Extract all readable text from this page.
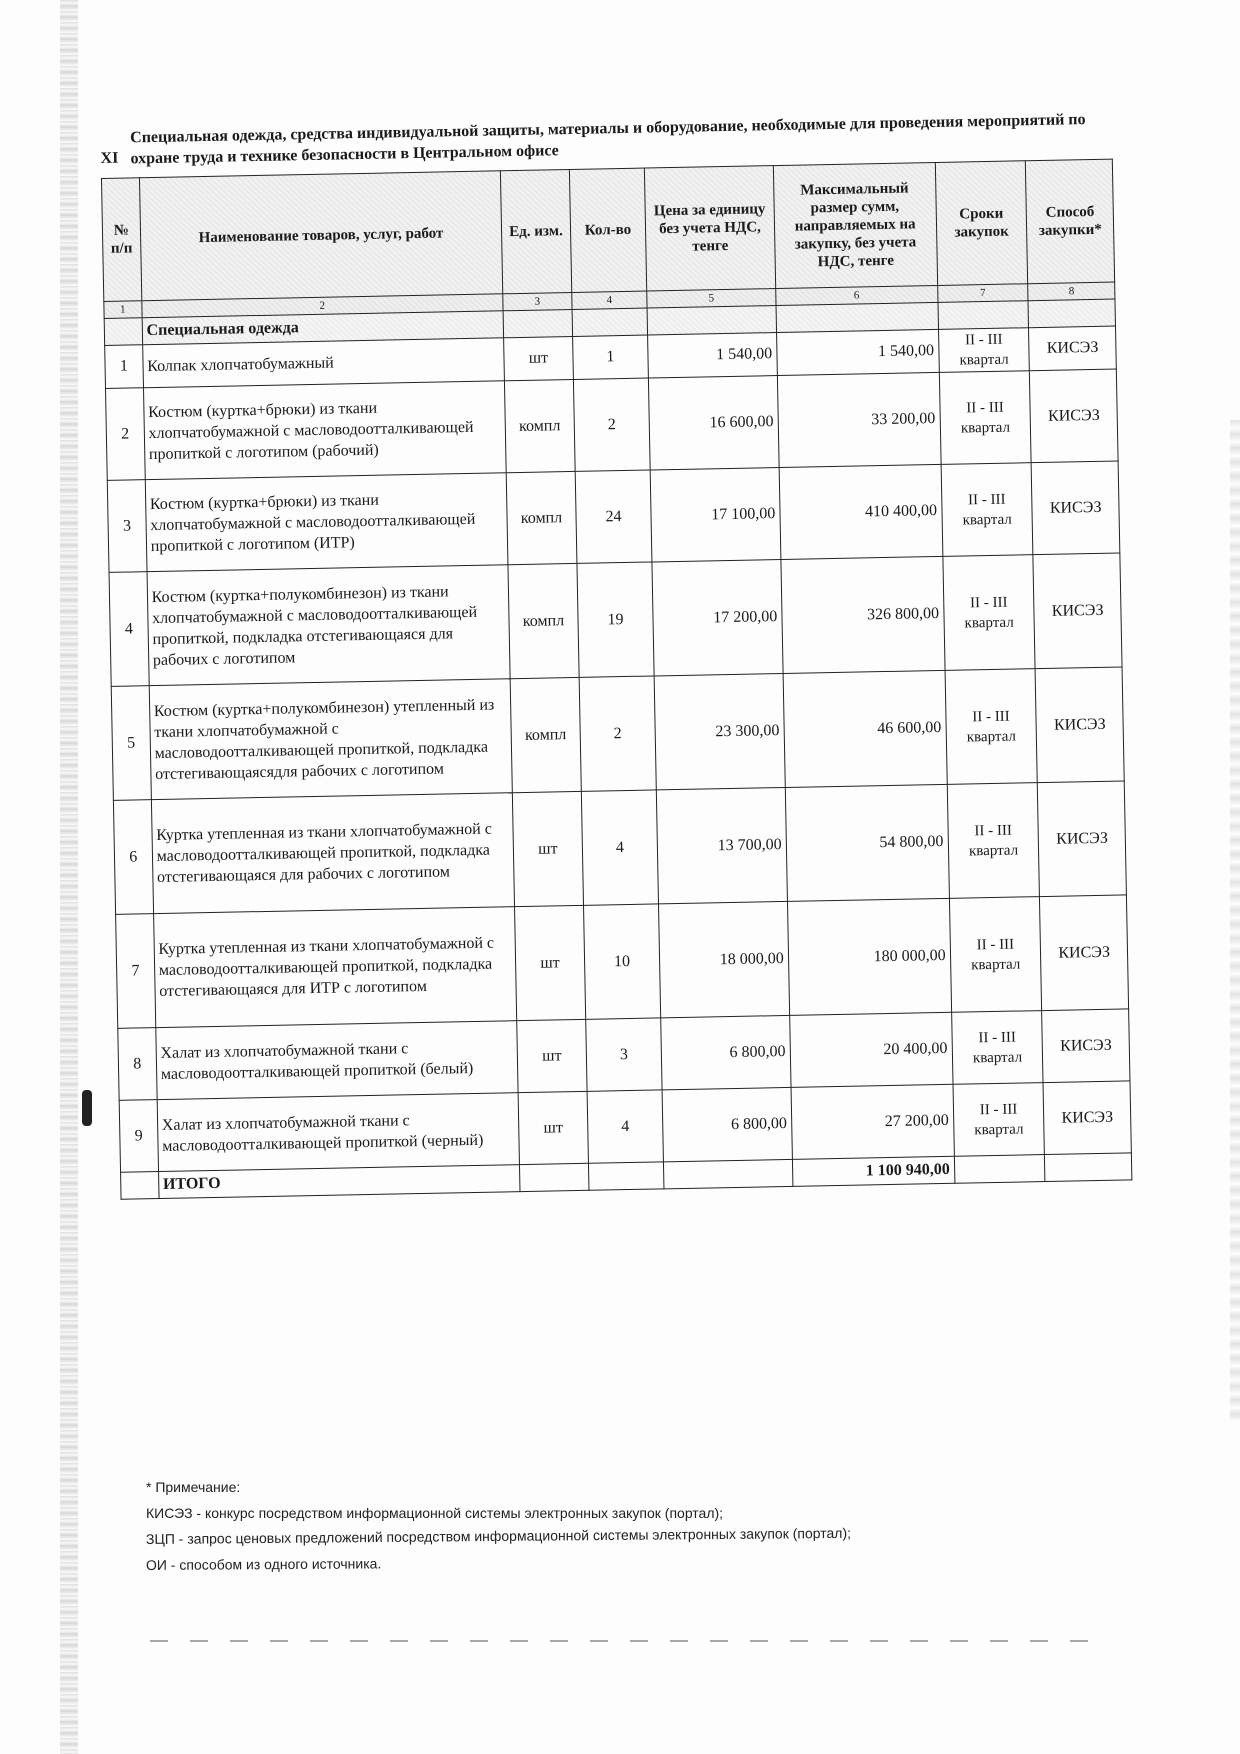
XI
Специальная одежда, средства индивидуальной защиты, материалы и оборудование, необходимые для проведения мероприятий по охране труда и технике безопасности в Центральном офисе
№ п/п	Наименование товаров, услуг, работ	Ед. изм.	Кол-во	Цена за единицу без учета НДС, тенге	Максимальный размер сумм, направляемых на закупку, без учета НДС, тенге	Сроки закупок	Способ закупки*
1	2	3	4	5	6	7	8
	Специальная одежда						
1	Колпак хлопчатобумажный	шт	1	1 540,00	1 540,00	II - III квартал	КИСЭЗ
2	Костюм (куртка+брюки) из ткани хлопчатобумажной с масловодоотталкивающей пропиткой с логотипом (рабочий)	компл	2	16 600,00	33 200,00	II - III квартал	КИСЭЗ
3	Костюм (куртка+брюки) из ткани хлопчатобумажной с масловодоотталкивающей пропиткой с логотипом (ИТР)	компл	24	17 100,00	410 400,00	II - III квартал	КИСЭЗ
4	Костюм (куртка+полукомбинезон) из ткани хлопчатобумажной с масловодоотталкивающей пропиткой, подкладка отстегивающаяся для рабочих с логотипом	компл	19	17 200,00	326 800,00	II - III квартал	КИСЭЗ
5	Костюм (куртка+полукомбинезон) утепленный из ткани хлопчатобумажной с масловодоотталкивающей пропиткой, подкладка отстегивающаясядля рабочих с логотипом	компл	2	23 300,00	46 600,00	II - III квартал	КИСЭЗ
6	Куртка утепленная из ткани хлопчатобумажной с масловодоотталкивающей пропиткой, подкладка отстегивающаяся для рабочих с логотипом	шт	4	13 700,00	54 800,00	II - III квартал	КИСЭЗ
7	Куртка утепленная из ткани хлопчатобумажной с масловодоотталкивающей пропиткой, подкладка отстегивающаяся для ИТР с логотипом	шт	10	18 000,00	180 000,00	II - III квартал	КИСЭЗ
8	Халат из хлопчатобумажной ткани с масловодоотталкивающей пропиткой (белый)	шт	3	6 800,00	20 400,00	II - III квартал	КИСЭЗ
9	Халат из хлопчатобумажной ткани с масловодоотталкивающей пропиткой (черный)	шт	4	6 800,00	27 200,00	II - III квартал	КИСЭЗ
	ИТОГО				1 100 940,00		
* Примечание:
КИСЭЗ - конкурс посредством информационной системы электронных закупок (портал);
ЗЦП - запрос ценовых предложений посредством информационной системы электронных закупок (портал);
ОИ - способом из одного источника.
